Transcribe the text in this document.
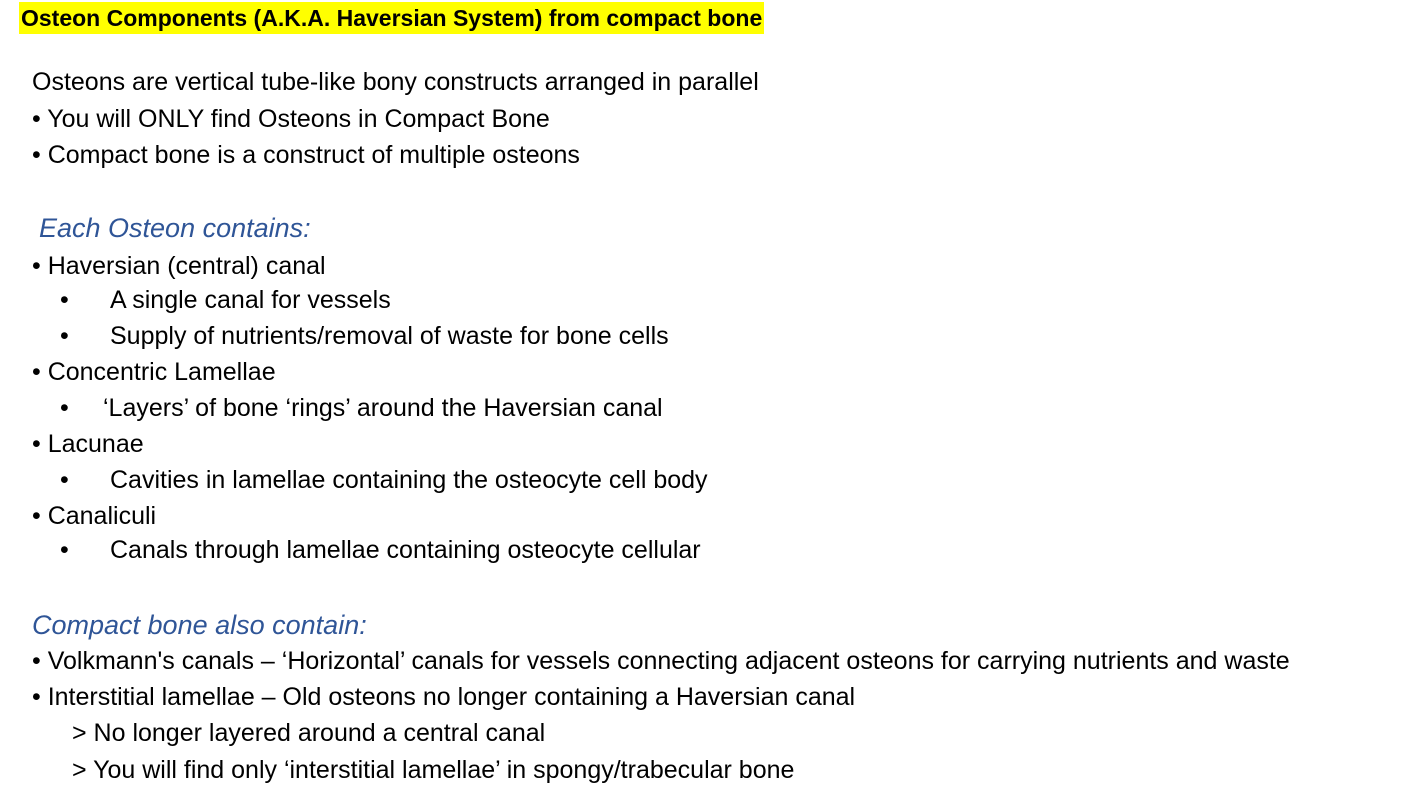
Osteon Components (A.K.A. Haversian System) from compact bone
Osteons are vertical tube-like bony constructs arranged in parallel
• You will ONLY find Osteons in Compact Bone
• Compact bone is a construct of multiple osteons
Each Osteon contains:
• Haversian (central) canal
• A single canal for vessels
• Supply of nutrients/removal of waste for bone cells
• Concentric Lamellae
• ‘Layers’ of bone ‘rings’ around the Haversian canal
• Lacunae
• Cavities in lamellae containing the osteocyte cell body
• Canaliculi
• Canals through lamellae containing osteocyte cellular
Compact bone also contain:
• Volkmann's canals – ‘Horizontal’ canals for vessels connecting adjacent osteons for carrying nutrients and waste
• Interstitial lamellae – Old osteons no longer containing a Haversian canal
> No longer layered around a central canal
> You will find only ‘interstitial lamellae’ in spongy/trabecular bone
